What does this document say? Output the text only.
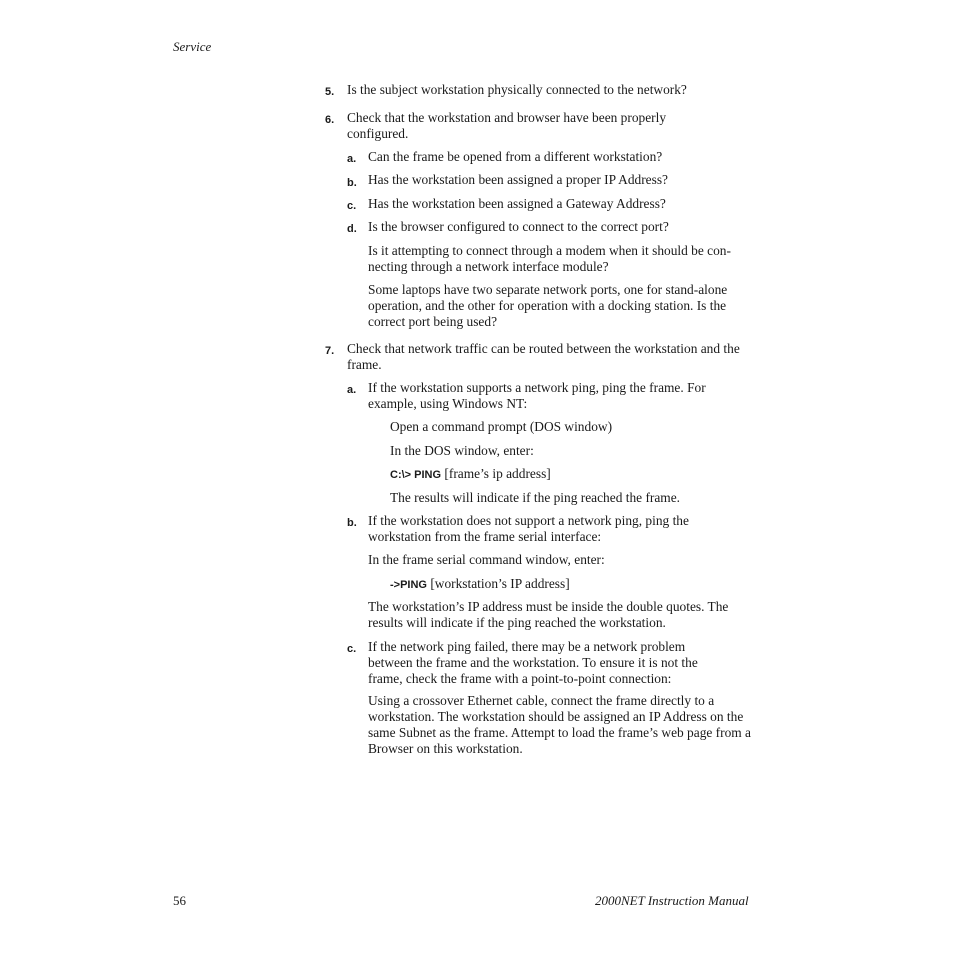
Service
5. Is the subject workstation physically connected to the network?
6. Check that the workstation and browser have been properly configured.
a. Can the frame be opened from a different workstation?
b. Has the workstation been assigned a proper IP Address?
c. Has the workstation been assigned a Gateway Address?
d. Is the browser configured to connect to the correct port?
Is it attempting to connect through a modem when it should be con-necting through a network interface module?
Some laptops have two separate network ports, one for stand-alone operation, and the other for operation with a docking station. Is the correct port being used?
7. Check that network traffic can be routed between the workstation and the frame.
a. If the workstation supports a network ping, ping the frame. For example, using Windows NT:
Open a command prompt (DOS window)
In the DOS window, enter:
C:\> PING [frame’s ip address]
The results will indicate if the ping reached the frame.
b. If the workstation does not support a network ping, ping the workstation from the frame serial interface:
In the frame serial command window, enter:
->PING [workstation’s IP address]
The workstation’s IP address must be inside the double quotes. The results will indicate if the ping reached the workstation.
c. If the network ping failed, there may be a network problem between the frame and the workstation. To ensure it is not the frame, check the frame with a point-to-point connection:
Using a crossover Ethernet cable, connect the frame directly to a workstation. The workstation should be assigned an IP Address on the same Subnet as the frame. Attempt to load the frame’s web page from a Browser on this workstation.
56	2000NET Instruction Manual
